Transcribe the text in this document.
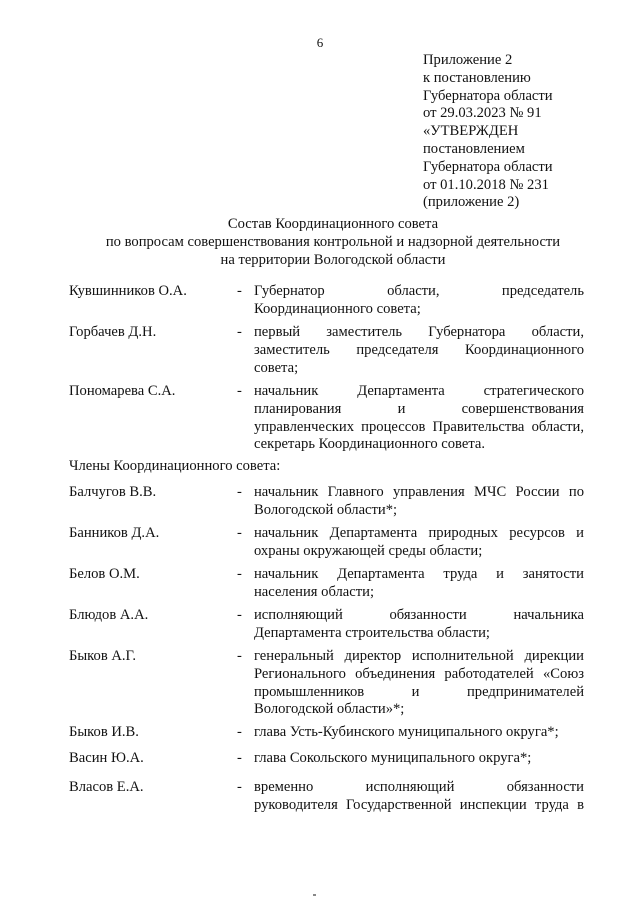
6
Приложение 2
к постановлению
Губернатора области
от 29.03.2023 № 91
«УТВЕРЖДЕН
постановлением
Губернатора области
от 01.10.2018 № 231
(приложение 2)
Состав Координационного совета
по вопросам совершенствования контрольной и надзорной деятельности
на территории Вологодской области
Кувшинников О.А.	- Губернатор области, председатель
Координационного совета;
Горбачев Д.Н.	- первый заместитель Губернатора области,
заместитель председателя Координационного
совета;
Пономарева С.А.	- начальник Департамента стратегического
планирования и совершенствования
управленческих процессов Правительства области,
секретарь Координационного совета.
Члены Координационного совета:
Балчугов В.В.	- начальник Главного управления МЧС России по
Вологодской области*;
Банников Д.А.	- начальник Департамента природных ресурсов и
охраны окружающей среды области;
Белов О.М.	- начальник Департамента труда и занятости
населения области;
Блюдов А.А.	- исполняющий обязанности начальника
Департамента строительства области;
Быков А.Г.	- генеральный директор исполнительной дирекции
Регионального объединения работодателей «Союз
промышленников и предпринимателей
Вологодской области»*;
Быков И.В.	- глава Усть-Кубинского муниципального округа*;
Васин Ю.А.	- глава Сокольского муниципального округа*;
Власов Е.А.	- временно исполняющий обязанности
руководителя Государственной инспекции труда в
